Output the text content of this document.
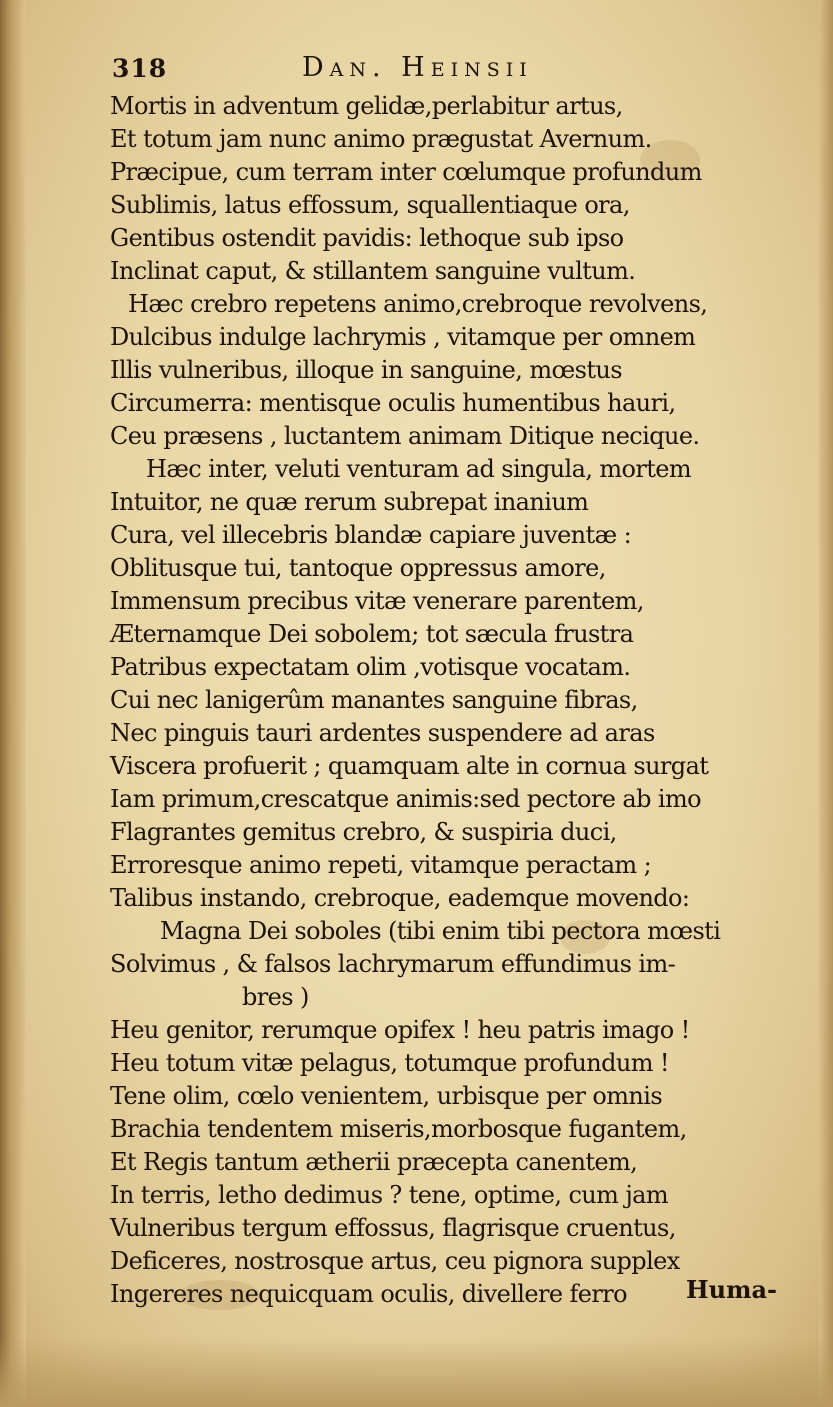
318	Dan. Heinsii
Mortis in adventum gelidæ,perlabitur artus,
Et totum jam nunc animo prægustat Avernum.
Præcipue, cum terram inter cœlumque profundum
Sublimis, latus effossum, squallentiaque ora,
Gentibus ostendit pavidis: lethoque sub ipso
Inclinat caput, & stillantem sanguine vultum.
Hæc crebro repetens animo,crebroque revolvens,
Dulcibus indulge lachrymis , vitamque per omnem
Illis vulneribus, illoque in sanguine, mœstus
Circumerra: mentisque oculis humentibus hauri,
Ceu præsens , luctantem animam Ditique necique.
Hæc inter, veluti venturam ad singula, mortem
Intuitor, ne quæ rerum subrepat inanium
Cura, vel illecebris blandæ capiare juventæ :
Oblitusque tui, tantoque oppressus amore,
Immensum precibus vitæ venerare parentem,
Æternamque Dei sobolem; tot sæcula frustra
Patribus expectatam olim ,votisque vocatam.
Cui nec lanigerûm manantes sanguine fibras,
Nec pinguis tauri ardentes suspendere ad aras
Viscera profuerit ; quamquam alte in cornua surgat
Iam primum,crescatque animis:sed pectore ab imo
Flagrantes gemitus crebro, & suspiria duci,
Erroresque animo repeti, vitamque peractam ;
Talibus instando, crebroque, eademque movendo:
Magna Dei soboles (tibi enim tibi pectora mœsti
Solvimus , & falsos lachrymarum effundimus im-
bres )
Heu genitor, rerumque opifex ! heu patris imago !
Heu totum vitæ pelagus, totumque profundum !
Tene olim, cœlo venientem, urbisque per omnis
Brachia tendentem miseris,morbosque fugantem,
Et Regis tantum ætherii præcepta canentem,
In terris, letho dedimus ? tene, optime, cum jam
Vulneribus tergum effossus, flagrisque cruentus,
Deficeres, nostrosque artus, ceu pignora supplex
Ingereres nequicquam oculis, divellere ferro	Huma-
